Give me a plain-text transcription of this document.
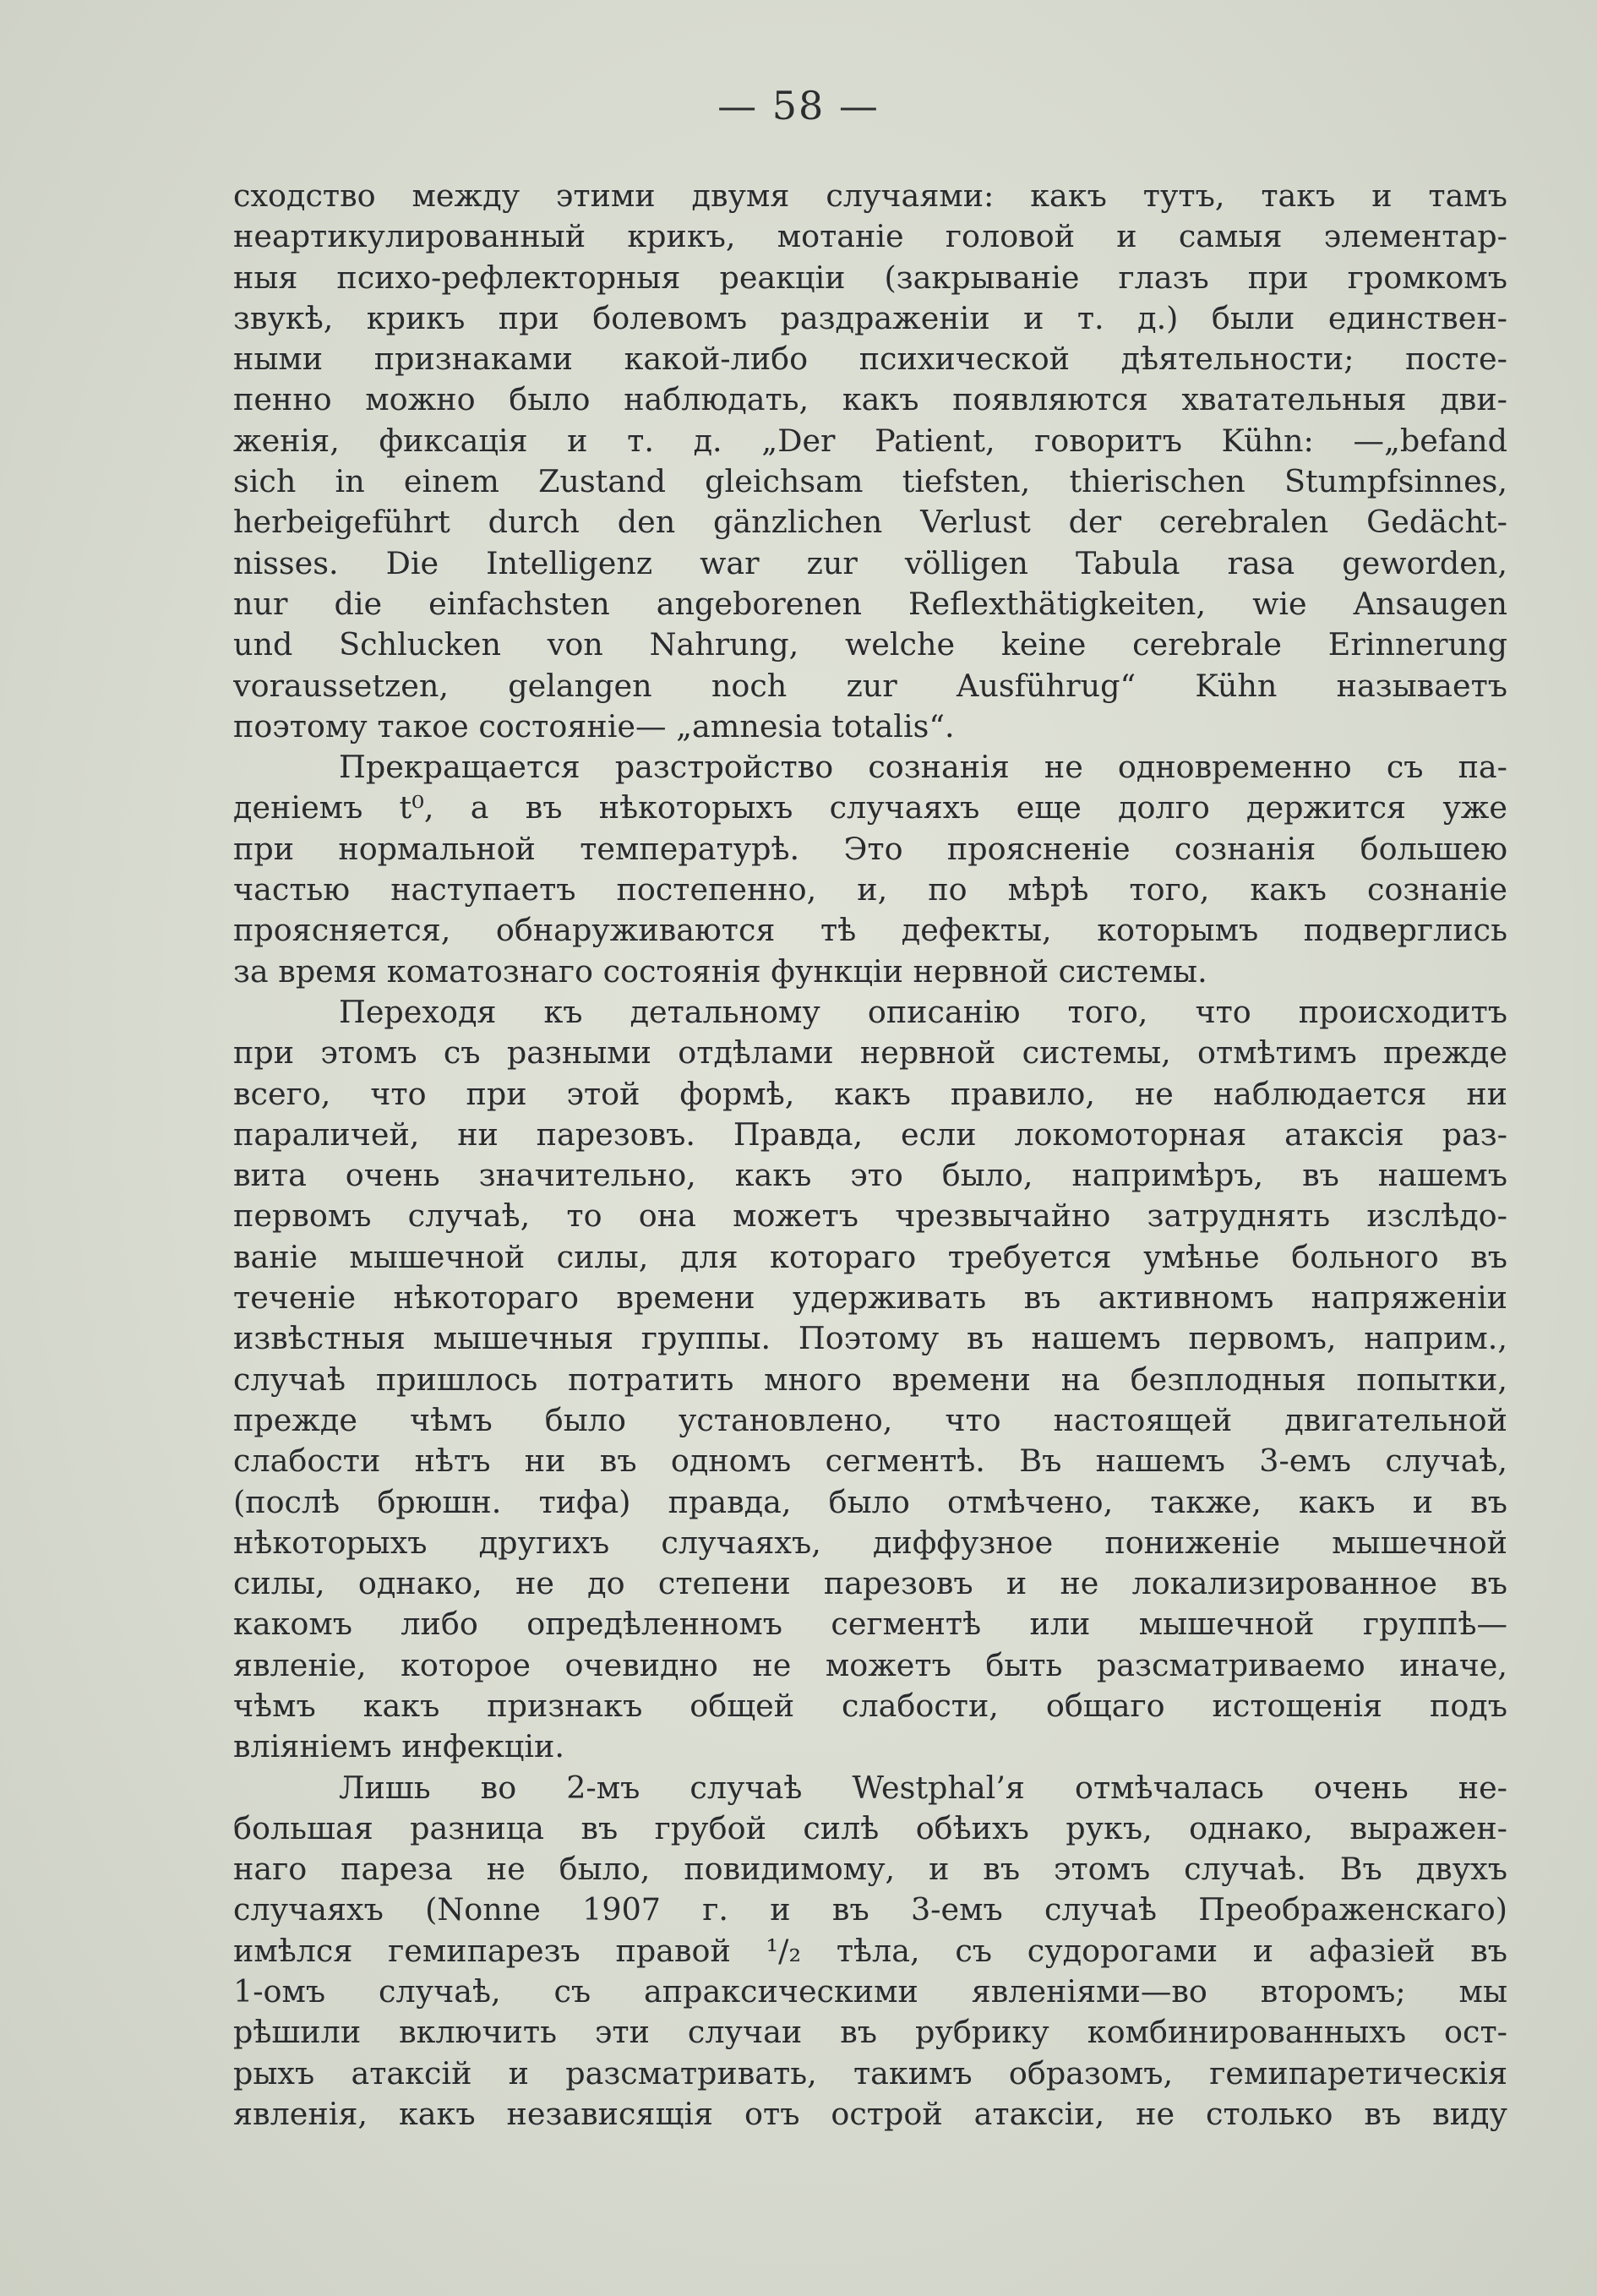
— 58 —
сходство между этими двумя случаями: какъ тутъ, такъ и тамъ
неартикулированный крикъ, мотаніе головой и самыя элементар-
ныя психо-рефлекторныя реакціи (закрываніе глазъ при громкомъ
звукѣ, крикъ при болевомъ раздраженіи и т. д.) были единствен-
ными признаками какой-либо психической дѣятельности; посте-
пенно можно было наблюдать, какъ появляются хватательныя дви-
женія, фиксація и т. д. „Der Patient, говоритъ Kühn: —„befand
sich in einem Zustand gleichsam tiefsten, thierischen Stumpfsinnes,
herbeigeführt durch den gänzlichen Verlust der cerebralen Gedächt-
nisses. Die Intelligenz war zur völligen Tabula rasa geworden,
nur die einfachsten angeborenen Reflexthätigkeiten, wie Ansaugen
und Schlucken von Nahrung, welche keine cerebrale Erinnerung
voraussetzen, gelangen noch zur Ausführug“ Kühn называетъ
поэтому такое состояніе— „amnesia totalis“.
Прекращается разстройство сознанія не одновременно съ па-
деніемъ t⁰, а въ нѣкоторыхъ случаяхъ еще долго держится уже
при нормальной температурѣ. Это проясненіе сознанія большею
частью наступаетъ постепенно, и, по мѣрѣ того, какъ сознаніе
проясняется, обнаруживаются тѣ дефекты, которымъ подверглись
за время коматознаго состоянія функціи нервной системы.
Переходя къ детальному описанію того, что происходитъ
при этомъ съ разными отдѣлами нервной системы, отмѣтимъ прежде
всего, что при этой формѣ, какъ правило, не наблюдается ни
параличей, ни парезовъ. Правда, если локомоторная атаксія раз-
вита очень значительно, какъ это было, напримѣръ, въ нашемъ
первомъ случаѣ, то она можетъ чрезвычайно затруднять изслѣдо-
ваніе мышечной силы, для котораго требуется умѣнье больного въ
теченіе нѣкотораго времени удерживать въ активномъ напряженіи
извѣстныя мышечныя группы. Поэтому въ нашемъ первомъ, наприм.,
случаѣ пришлось потратить много времени на безплодныя попытки,
прежде чѣмъ было установлено, что настоящей двигательной
слабости нѣтъ ни въ одномъ сегментѣ. Въ нашемъ 3-емъ случаѣ,
(послѣ брюшн. тифа) правда, было отмѣчено, также, какъ и въ
нѣкоторыхъ другихъ случаяхъ, диффузное пониженіе мышечной
силы, однако, не до степени парезовъ и не локализированное въ
какомъ либо опредѣленномъ сегментѣ или мышечной группѣ—
явленіе, которое очевидно не можетъ быть разсматриваемо иначе,
чѣмъ какъ признакъ общей слабости, общаго истощенія подъ
вліяніемъ инфекціи.
Лишь во 2-мъ случаѣ Westphal’я отмѣчалась очень не-
большая разница въ грубой силѣ обѣихъ рукъ, однако, выражен-
наго пареза не было, повидимому, и въ этомъ случаѣ. Въ двухъ
случаяхъ (Nonne 1907 г. и въ 3-емъ случаѣ Преображенскаго)
имѣлся гемипарезъ правой ¹/₂ тѣла, съ судорогами и афазіей въ
1-омъ случаѣ, съ апраксическими явленіями—во второмъ; мы
рѣшили включить эти случаи въ рубрику комбинированныхъ ост-
рыхъ атаксій и разсматривать, такимъ образомъ, гемипаретическія
явленія, какъ независящія отъ острой атаксіи, не столько въ виду
